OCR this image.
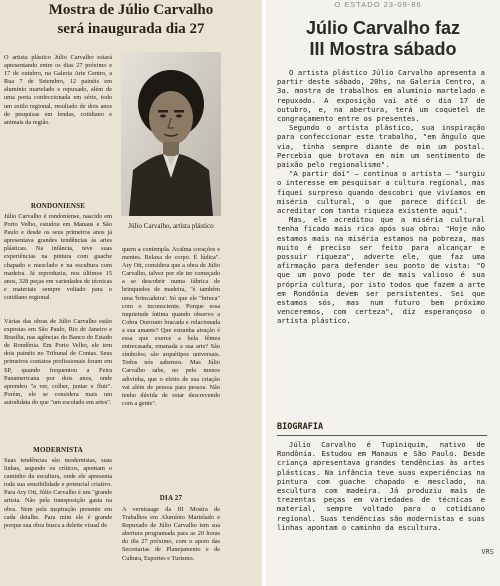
Mostra de Júlio Carvalho
será inaugurada dia 27

O artista plástico Júlio Carvalho estará apresentando entre os dias 27 próximo e 17 de outubro, na Galeria Arte Centro, a Rua 7 de Setembro, 12 painéis em alumínio martelado e repuxado, além de uma porta confeccionada em série, todo um estilo regional, resultado de dois anos de pesquisas em lendas, cotidiano e animais da região.

RONDONIENSE

Júlio Carvalho é rondoniense, nascido em Porto Velho, estudou em Manaus e São Paulo e desde os seus primeiros anos já apresentava grandes tendências às artes plásticas. Na infância, teve suas experiências na pintura com guache chapado e mesclado e na escultura com madeira. Já reproduziu, nos últimos 15 anos, 328 peças em variedades de técnicas e materiais sempre voltado para o cotidiano regional.

Várias das obras de Júlio Carvalho estão expostas em São Paulo, Rio de Janeiro e Brasília, nas agências do Banco do Estado de Rondônia. Em Porto Velho, ele tem dois painéis no Tribunal de Contas. Seus primeiros contatos profissionais foram em SP, quando frequentou a Feira Panamericana por dois anos, onde aprendeu "a ver, colher, juntar e fluir". Porém, ele se considera mais um autodidata do que "um escolado em artes".

MODERNISTA

Suas tendências são modernistas, suas linhas, segundo os críticos, apontam o caminho da escultura, onde ele apresenta toda sua sensibilidade e potencial criativo. Para Ary Ott, Júlio Carvalho é um "grande artista. Não pela transposição gasta na obra. Nem pela inspiração presente em cada detalhe. Para mim ele é grande porque sua obra busca a deleite visual de

Júlio Carvalho, artista plástico

quem a contempla. Acalma corações e mentes. Relaxa do corpo. É lúdica". Ary Ott, considera que a obra de Júlio Carvalho, talvez por ele ter começado a se descobrir numa fábrica de brinquedos de madeira, "é também uma 'brincadeira'. Só que ele "brinca" com o inconsciente. Porque essa inquietude íntima quando observo a Cobra Ourorato bracada e relacionada a sua amante? Que estranha atração é essa que exerce a bela fêmea entrecasada, emanada a sua arte? São símbolos; são arquétipos universais. Todos nós sabemos. Mas Júlio Carvalho sabe, no pelo menos adivinha, que o efeito de sua criação vai além de pessoa para pessoa. Não tenho dúvida de estar descrevendo com a gente".

DIA 27

A vernissage da III Mostra de Trabalhos em Alumínio Martelado e Repuxado de Júlio Carvalho tem sua abertura programada para as 20 horas do dia 27 próximo, com o apoio das Secretarias de Planejamento e de Cultura, Esportes e Turismo.

O ESTADO 23-09-86
Júlio Carvalho faz
III Mostra sábado

O artista plástico Júlio Carvalho apresenta a partir deste sábado, 20hs, na Galeria Centro, a 3a. mostra de trabalhos em alumínio martelado e repuxado. A exposição vai até o dia 17 de outubro, e, na abertura, terá um coquetel de congraçamento entre os presentes.

Segundo o artista plástico, sua inspiração para confeccionar este trabalho, "em ângulo que via, tinha sempre diante de mim um postal. Percebia que brotava em mim um sentimento de paixão pelo regionalismo".

"A partir daí" — continua o artista — "surgiu o interesse em pesquisar a cultura regional, mas fiquei surpreso quando descobri que vivíamos em miséria cultural, o que parece difícil de acreditar com tanta riqueza existente aqui".

Mas, ele acreditou que a miséria cultural tenha ficado mais rica após sua obra: "Hoje não estamos mais na miséria estamos na pobreza, mas muito é preciso ser feito para alcançar e possuir riqueza", adverte ele, que faz uma afirmação para defender seu ponto de vista: "O que um povo pode ter de mais valioso é sua própria cultura, por isto todos que fazem a arte em Rondônia devem ser persistentes. Sei que estamos sós, mas num futuro bem próximo venceremos, com certeza", diz esperançoso o artista plástico.

BIOGRAFIA

Júlio Carvalho é Tupiniquim, nativo de Rondônia. Estudou em Manaus e São Paulo. Desde criança apresentava grandes tendências às artes plásticas. Na infância teve suas experiências na pintura com guache chapado e mesclado, na escultura com madeira. Já produziu mais de trezentas peças em variedades de técnicas e material, sempre voltado para o cotidiano regional. Suas tendências são modernistas e suas linhas apontam o caminho da escultura.

VRS
